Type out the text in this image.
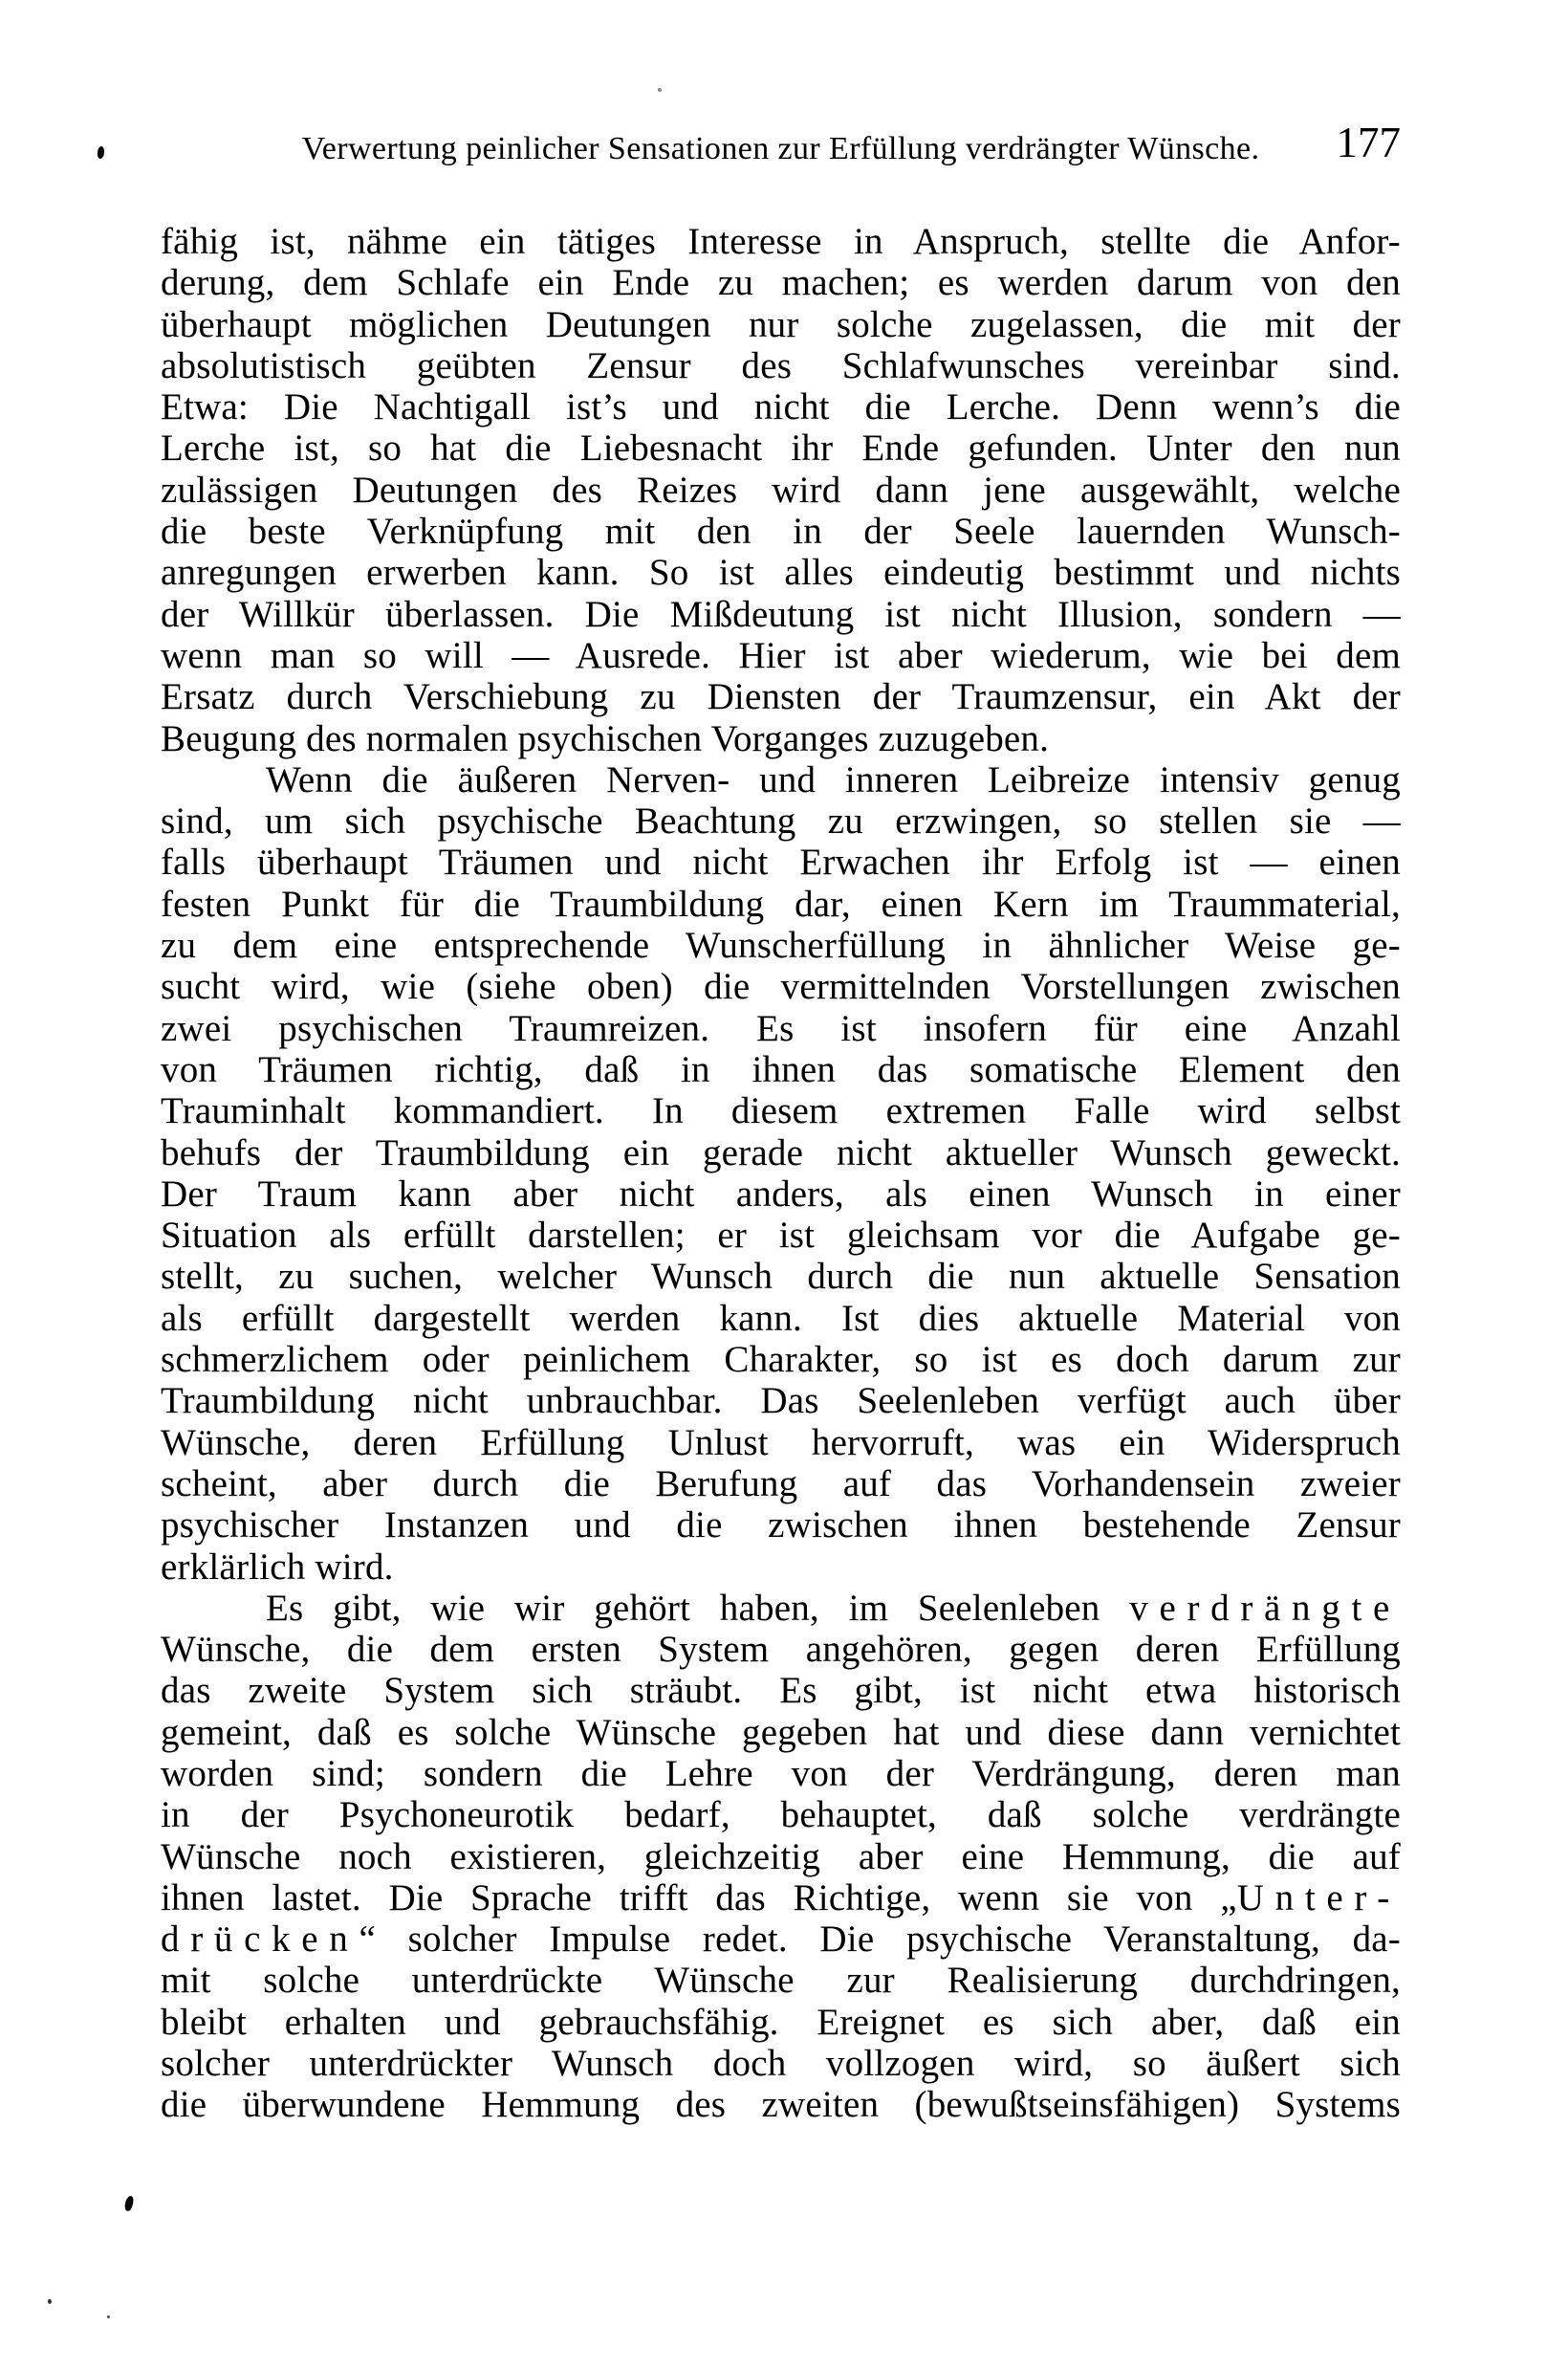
Verwertung peinlicher Sensationen zur Erfüllung verdrängter Wünsche.	177
fähig ist, nähme ein tätiges Interesse in Anspruch, stellte die Anfor-
derung, dem Schlafe ein Ende zu machen; es werden darum von den
überhaupt möglichen Deutungen nur solche zugelassen, die mit der
absolutistisch geübten Zensur des Schlafwunsches vereinbar sind.
Etwa: Die Nachtigall ist’s und nicht die Lerche. Denn wenn’s die
Lerche ist, so hat die Liebesnacht ihr Ende gefunden. Unter den nun
zulässigen Deutungen des Reizes wird dann jene ausgewählt, welche
die beste Verknüpfung mit den in der Seele lauernden Wunsch-
anregungen erwerben kann. So ist alles eindeutig bestimmt und nichts
der Willkür überlassen. Die Mißdeutung ist nicht Illusion, sondern —
wenn man so will — Ausrede. Hier ist aber wiederum, wie bei dem
Ersatz durch Verschiebung zu Diensten der Traumzensur, ein Akt der
Beugung des normalen psychischen Vorganges zuzugeben.
Wenn die äußeren Nerven- und inneren Leibreize intensiv genug
sind, um sich psychische Beachtung zu erzwingen, so stellen sie —
falls überhaupt Träumen und nicht Erwachen ihr Erfolg ist — einen
festen Punkt für die Traumbildung dar, einen Kern im Traummaterial,
zu dem eine entsprechende Wunscherfüllung in ähnlicher Weise ge-
sucht wird, wie (siehe oben) die vermittelnden Vorstellungen zwischen
zwei psychischen Traumreizen. Es ist insofern für eine Anzahl
von Träumen richtig, daß in ihnen das somatische Element den
Trauminhalt kommandiert. In diesem extremen Falle wird selbst
behufs der Traumbildung ein gerade nicht aktueller Wunsch geweckt.
Der Traum kann aber nicht anders, als einen Wunsch in einer
Situation als erfüllt darstellen; er ist gleichsam vor die Aufgabe ge-
stellt, zu suchen, welcher Wunsch durch die nun aktuelle Sensation
als erfüllt dargestellt werden kann. Ist dies aktuelle Material von
schmerzlichem oder peinlichem Charakter, so ist es doch darum zur
Traumbildung nicht unbrauchbar. Das Seelenleben verfügt auch über
Wünsche, deren Erfüllung Unlust hervorruft, was ein Widerspruch
scheint, aber durch die Berufung auf das Vorhandensein zweier
psychischer Instanzen und die zwischen ihnen bestehende Zensur
erklärlich wird.
Es gibt, wie wir gehört haben, im Seelenleben verdrängte
Wünsche, die dem ersten System angehören, gegen deren Erfüllung
das zweite System sich sträubt. Es gibt, ist nicht etwa historisch
gemeint, daß es solche Wünsche gegeben hat und diese dann vernichtet
worden sind; sondern die Lehre von der Verdrängung, deren man
in der Psychoneurotik bedarf, behauptet, daß solche verdrängte
Wünsche noch existieren, gleichzeitig aber eine Hemmung, die auf
ihnen lastet. Die Sprache trifft das Richtige, wenn sie von „Unter-
drücken“ solcher Impulse redet. Die psychische Veranstaltung, da-
mit solche unterdrückte Wünsche zur Realisierung durchdringen,
bleibt erhalten und gebrauchsfähig. Ereignet es sich aber, daß ein
solcher unterdrückter Wunsch doch vollzogen wird, so äußert sich
die überwundene Hemmung des zweiten (bewußtseinsfähigen) Systems
